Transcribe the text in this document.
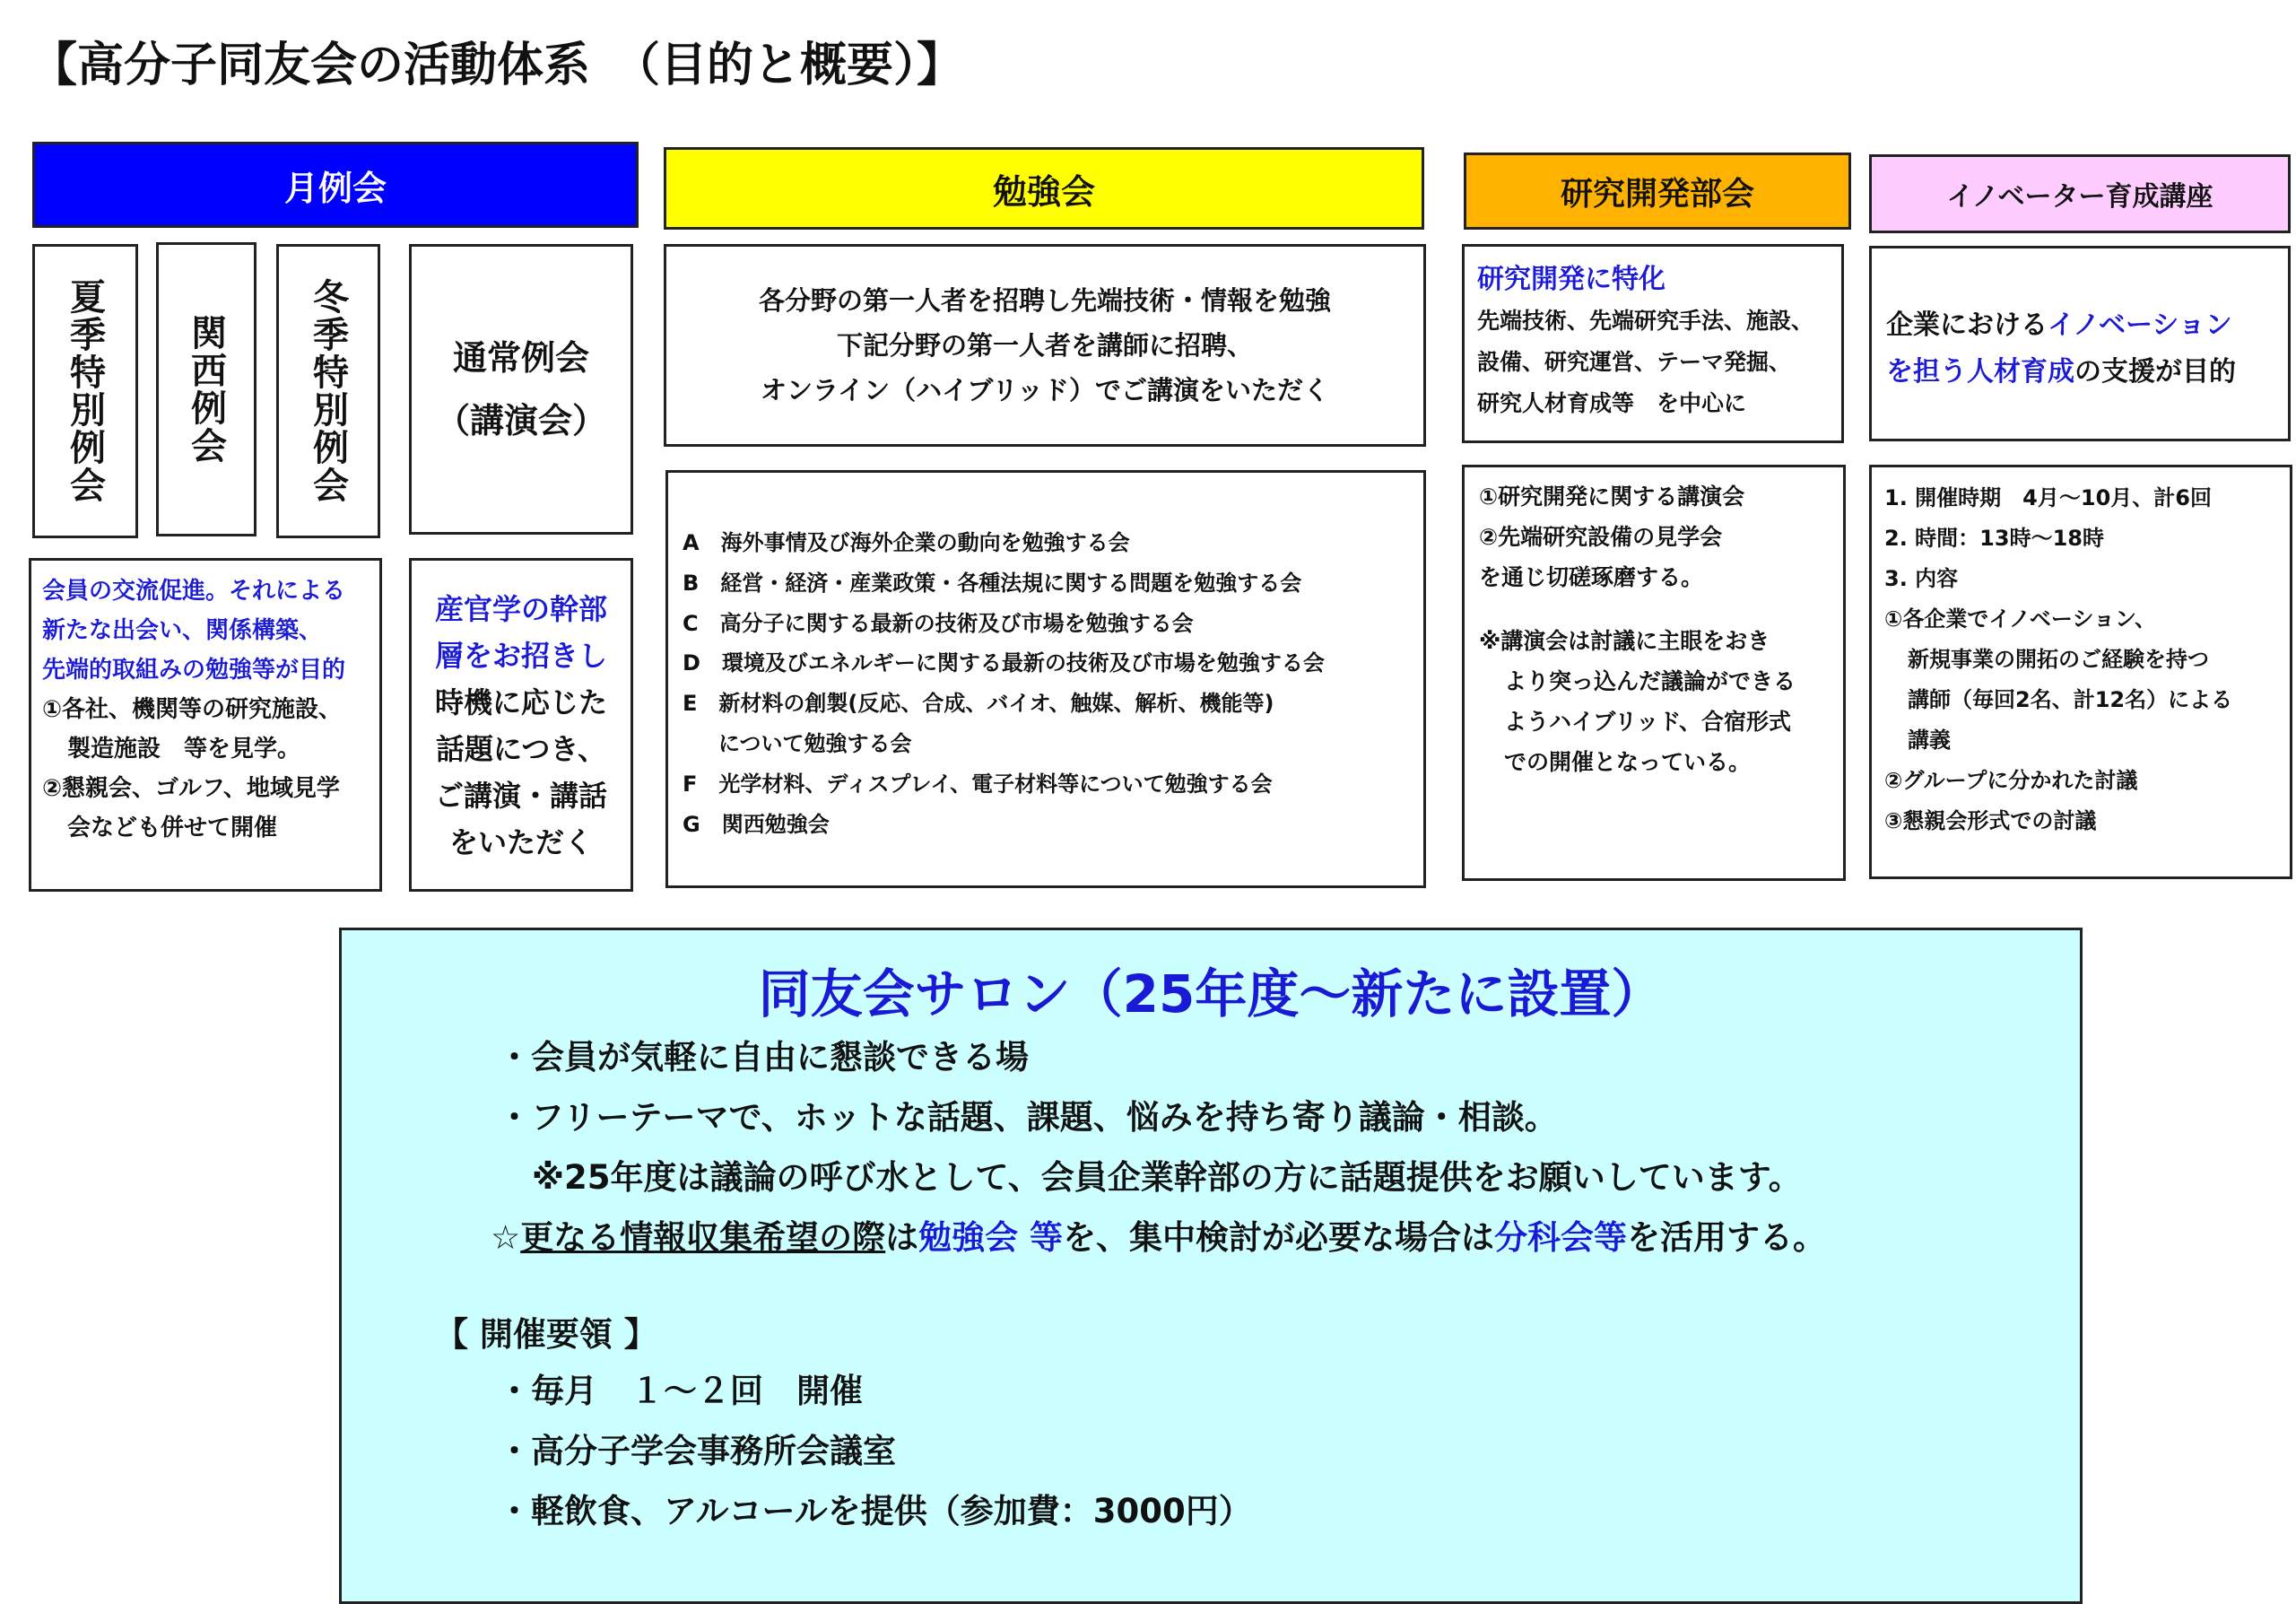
【高分子同友会の活動体系　（目的と概要）】
月例会
夏季特別例会	関西例会	冬季特別例会	通常例会
（講演会）
会員の交流促進。それによる
新たな出会い、関係構築、
先端的取組みの勉強等が目的
①各社、機関等の研究施設、
製造施設　等を見学。
②懇親会、ゴルフ、地域見学
会なども併せて開催
産官学の幹部
層をお招きし
時機に応じた
話題につき、
ご講演・講話
をいただく
勉強会
各分野の第一人者を招聘し先端技術・情報を勉強
下記分野の第一人者を講師に招聘、
オンライン（ハイブリッド）でご講演をいただく
A　海外事情及び海外企業の動向を勉強する会
B　経営・経済・産業政策・各種法規に関する問題を勉強する会
C　高分子に関する最新の技術及び市場を勉強する会
D　環境及びエネルギーに関する最新の技術及び市場を勉強する会
E　新材料の創製(反応、合成、バイオ、触媒、解析、機能等)
について勉強する会
F　光学材料、ディスプレイ、電子材料等について勉強する会
G　関西勉強会
研究開発部会
研究開発に特化
先端技術、先端研究手法、施設、
設備、研究運営、テーマ発掘、
研究人材育成等　を中心に
①研究開発に関する講演会
②先端研究設備の見学会
を通じ切磋琢磨する。
※講演会は討議に主眼をおき
より突っ込んだ議論ができる
ようハイブリッド、合宿形式
での開催となっている。
イノベーター育成講座
企業におけるイノベーション
を担う人材育成の支援が目的
1. 開催時期　4月～10月、計6回
2. 時間：13時～18時
3. 内容
①各企業でイノベーション、
新規事業の開拓のご経験を持つ
講師（毎回2名、計12名）による
講義
②グループに分かれた討議
③懇親会形式での討議
同友会サロン（25年度～新たに設置）
・会員が気軽に自由に懇談できる場
・フリーテーマで、ホットな話題、課題、悩みを持ち寄り議論・相談。
※25年度は議論の呼び水として、会員企業幹部の方に話題提供をお願いしています。
☆更なる情報収集希望の際は勉強会 等を、集中検討が必要な場合は分科会等を活用する。
【 開催要領 】
・毎月　１～２回　開催
・高分子学会事務所会議室
・軽飲食、アルコールを提供（参加費：3000円）
